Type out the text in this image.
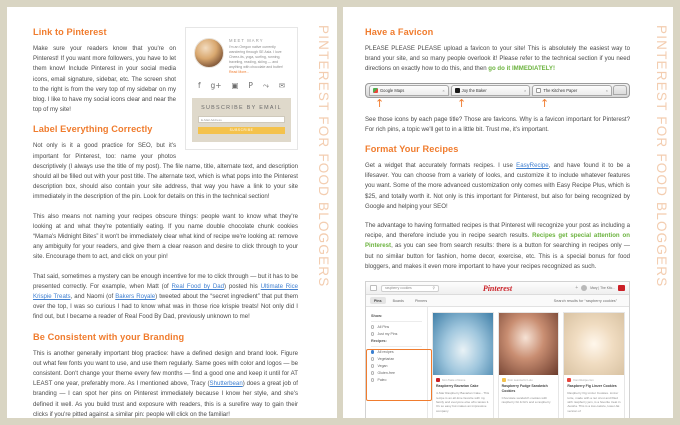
PINTEREST FOR FOOD BLOGGERS
MEET MARY
I'm an Oregon native currently wandering through SE Asia. I love Cheez-its, yoga, surfing, running, traveling, reading, skiing — and anything with chocolate and butter! Read More...
f g+ ▣ P ⤳ ✉
SUBSCRIBE BY EMAIL
E-Mail Address
SUBSCRIBE
Link to Pinterest

Make sure your readers know that you're on Pinterest! If you want more followers, you have to let them know! Include Pinterest in your social media icons, email signature, sidebar, etc. The screen shot to the right is from the very top of my sidebar on my blog. I like to have my social icons clear and near the top of my site!

Label Everything Correctly

Not only is it a good practice for SEO, but it's important for Pinterest, too: name your photos descriptively (I always use the title of my post). The file name, title, alternate text, and description should all be filled out with your post title. The alternate text, which is what pops into the Pinterest description box, should also contain your site address, that way you have a link to your site immediately in the description of the pin. Look for details on this in the technical section!

This also means not naming your recipes obscure things: people want to know what they're looking at and what they're potentially eating. If you name double chocolate chunk cookies “Mama's Midnight Bites” it won't be immediately clear what kind of recipe we're looking at: remove any ambiguity for your readers, and give them a clear reason and desire to click through to your site. Encourage them to act, and click on your pin!

That said, sometimes a mystery can be enough incentive for me to click through — but it has to be presented correctly. For example, when Matt (of Real Food by Dad) posted his Ultimate Rice Krispie Treats, and Naomi (of Bakers Royale) tweeted about the “secret ingredient” that put them over the top, I was so curious I had to know what was in those rice krispie treats! Not only did I find out, but I became a reader of Real Food By Dad, previously unknown to me!

Be Consistent with your Branding

This is another generally important blog practice: have a defined design and brand look. Figure out what few fonts you want to use, and use them regularly. Same goes with color and logos — be consistent. Don't change your theme every few months — find a good one and keep it until for AT LEAST one year, preferably more. As I mentioned above, Tracy (Shutterbean) does a great job of branding — I can spot her pins on Pinterest immediately because I know her style, and she's defined it well. As you build trust and exposure with readers, this is a surefire way to gain their clicks if you're pitted against a similar pin: people will click on the familiar!

PINTEREST FOR FOOD BLOGGERS
Have a Favicon

PLEASE PLEASE PLEASE upload a favicon to your site! This is absolutely the easiest way to brand your site, and so many people overlook it! Please refer to the technical section if you need directions on exactly how to do this, and then go do it IMMEDIATELY!

Google Maps	×	Joy the Baker	×	The Kitchen Paper	×
↑	↑	↑

See those icons by each page title? Those are favicons. Why is a favicon important for Pinterest? For rich pins, a topic we'll get to in a little bit. Trust me, it's important.

Format Your Recipes

Get a widget that accurately formats recipes. I use EasyRecipe, and have found it to be a lifesaver. You can choose from a variety of looks, and customize it to include whatever features you want. Some of the more advanced customization only comes with Easy Recipe Plus, which is $25, and totally worth it. Not only is this important for Pinterest, but also for being recognized by Google and helping your SEO!

The advantage to having formatted recipes is that Pinterest will recognize your post as including a recipe, and therefore include you in recipe search results. Recipes get special attention on Pinterest, as you can see from search results: there is a button for searching in recipes only — but no similar button for fashion, home decor, exercise, etc. This is a special bonus for food bloggers, and makes it even more important to have your recipes recognized as such.

raspberry cookies	⚲	Pinterest	+	Mary | The Kitc...
Pins	Boards	Pinners	Search results for “raspberry cookies”
Show:
All Pins
Just my Pins
Recipes:
All recipes
Vegetarian
Vegan
Gluten-free
Paleo	from Taste of Home
Raspberry Bavarian Cake
4-Star Raspberry Bavarian Cake - This recipe is an all-time favorite with my family and everyone else who tastes it. It's so easy but makes an impressive company
from Leenna for Lulu
Raspberry Fudge Sandwich Cookies
Chocolate sandwich cookies with raspberry bit & bit's and a raspberry
from Recipe.com
Raspberry Fig Linzer Cookies
Raspberry Fig Linzer Cookies. Linzer torte, made with a nut crust and filled with raspberry jam, is a favorite treat in Austria. This is a low-calorie, lower-fat version of
